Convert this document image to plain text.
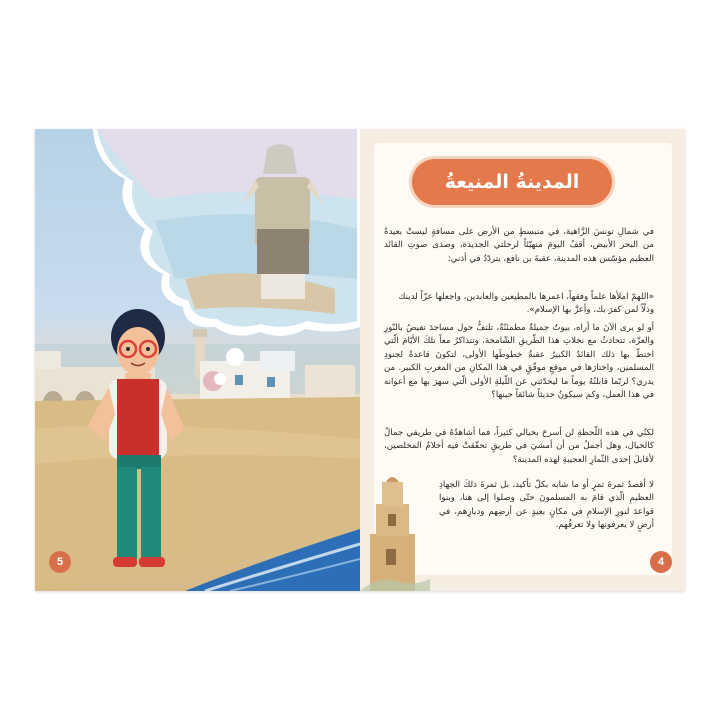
5
المدينةُ المنيعةُ
في شمالِ تونسَ الزَّاهية، في منبسطٍ من الأرض على مسافةٍ ليستْ بعيدةً من البحر الأبيض، أقفُ اليومَ متهيّئاً لرحلتي الجديدة، وصدى صوتِ القائد العظيم مؤسّس هذه المدينة، عقبةَ بن نافع، يتردّدُ في أذني:
«اللهمّ املأها علماً وفقهاً، اعمرها بالمطيعين والعابدين، واجعلها عزّاً لدينك وذلّاً لمن كفرَ بك، وأعزَّ بها الإسلام».
أو لو يرى الآنَ ما أراه، بيوتٌ جميلةٌ مطمئنّةٌ، تلتفُّ حول مساجدَ تفيضُ بالنّورِ والعزّة، تتحادثُ مع نخلاتِ هذا الطّريقِ الشّامخة، وتتذاكرُ معاً تلكَ الأيّامَ الّتي اختطّ بها ذلك القائدُ الكبيرُ عقبةُ خطوطَها الأولى، لتكونَ قاعدةً لجنودِ المسلمين، واختارَها في موقعٍ موفّقٍ في هذا المكانِ من المغربِ الكبير. من يدري؟ لربّما قابلتُهُ يوماً ما ليحدّثني عن اللّيلةِ الأولى الّتي سهرَ بها مع أعوانه في هذا العمل، وكم سيكونُ حديثاً شائقاً حينها؟
لكنّي في هذه اللّحظةِ لن أسرحَ بخيالي كثيراً، فما أشاهدُهُ في طريقي جمالٌ كالخيال، وهل أجملُ من أن أمشيَ في طريقٍ تحقّقتْ فيه أحلامُ المخلصين، لأقابلَ إحدى الثّمارِ العجيبةِ لهذه المدينة؟
لا أقصدُ ثمرةَ تمرٍ أو ما شابه بكلّ تأكيد، بل ثمرةَ ذلكَ الجهادِ العظيمِ الّذي قامَ به المسلمونَ حتّى وصلوا إلى هنا، وبنوا قواعدَ لنورِ الإسلامِ في مكانٍ بعيدٍ عن أرضِهم وديارِهم، في أرضٍ لا يعرفونها ولا تعرفُهم.
4
